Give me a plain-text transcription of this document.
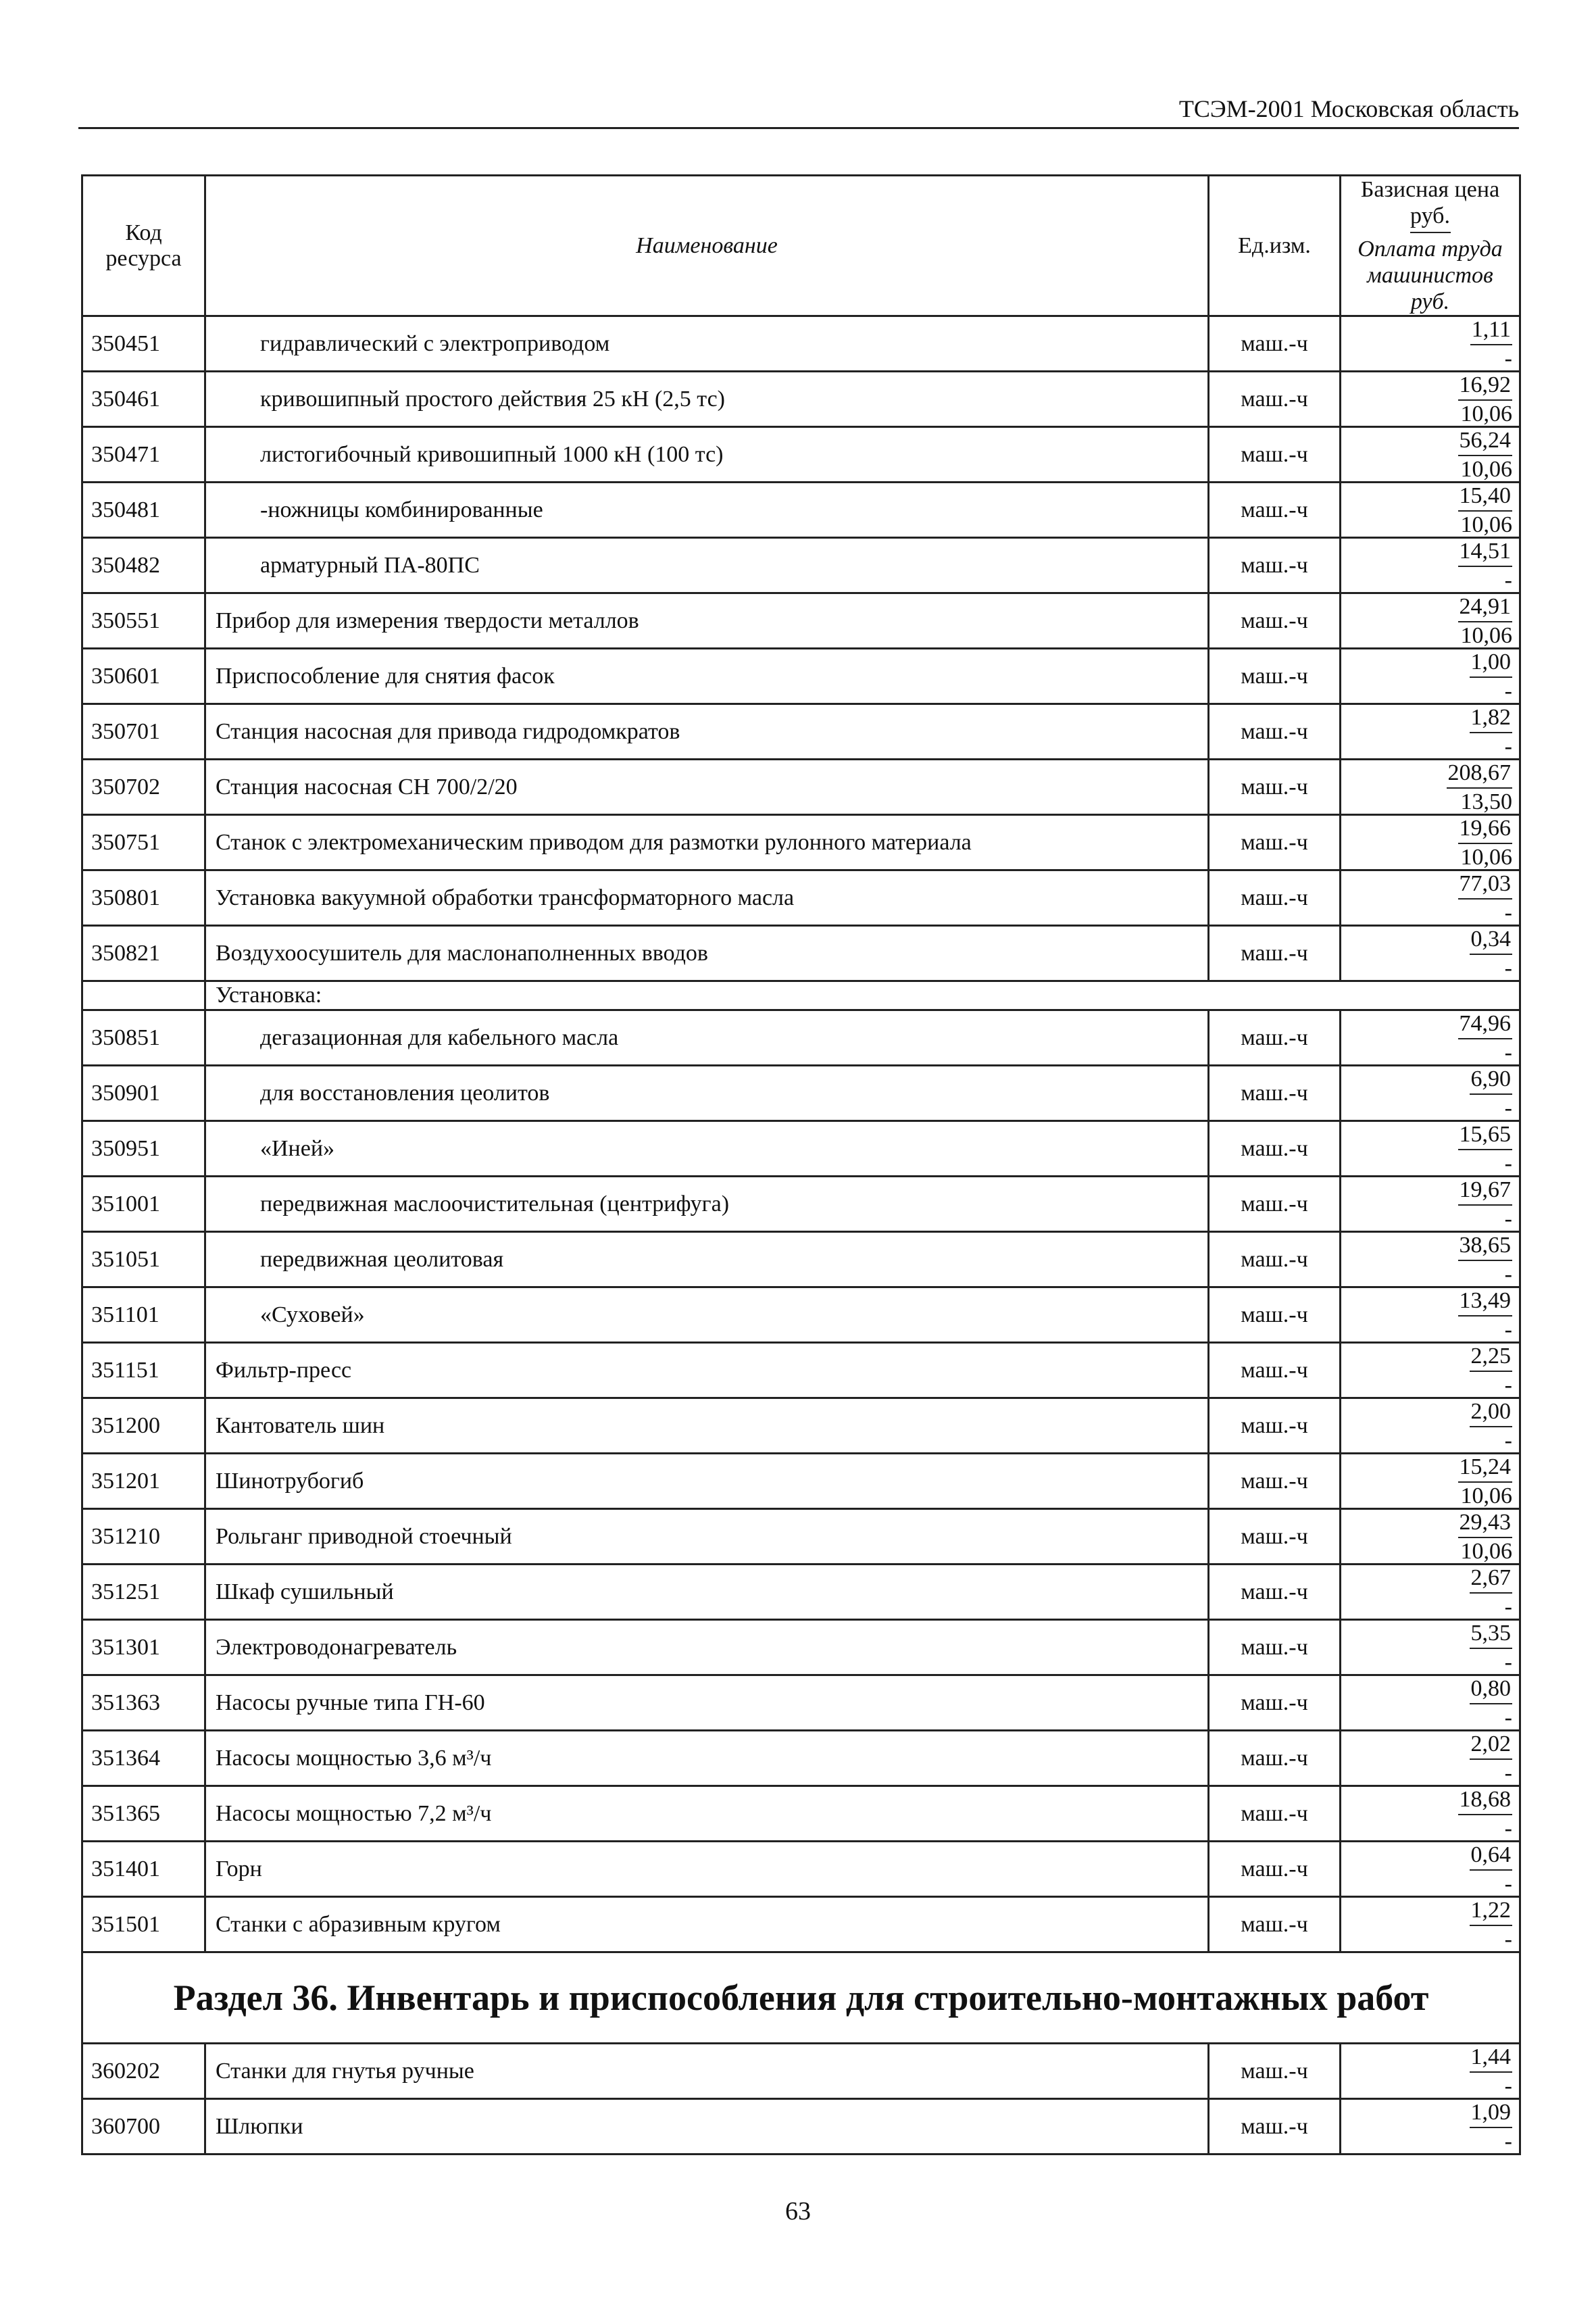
ТСЭМ-2001 Московская область
Код ресурса	Наименование	Ед.изм.	Базисная цена руб.
Оплата труда машинистов руб.
350451	гидравлический с электроприводом	маш.-ч	$\frac{1,11}{-}$

350461	кривошипный простого действия 25 кН (2,5 тс)	маш.-ч	$\frac{16,92}{10,06}$

350471	листогибочный кривошипный 1000 кН (100 тс)	маш.-ч	$\frac{56,24}{10,06}$

350481	-ножницы комбинированные	маш.-ч	$\frac{15,40}{10,06}$

350482	арматурный ПА-80ПС	маш.-ч	$\frac{14,51}{-}$

350551	Прибор для измерения твердости металлов	маш.-ч	$\frac{24,91}{10,06}$

350601	Приспособление для снятия фасок	маш.-ч	$\frac{1,00}{-}$

350701	Станция насосная для привода гидродомкратов	маш.-ч	$\frac{1,82}{-}$

350702	Станция насосная СН 700/2/20	маш.-ч	$\frac{208,67}{13,50}$

350751	Станок с электромеханическим приводом для размотки рулонного материала	маш.-ч	$\frac{19,66}{10,06}$

350801	Установка вакуумной обработки трансформаторного масла	маш.-ч	$\frac{77,03}{-}$

350821	Воздухоосушитель для маслонаполненных вводов	маш.-ч	$\frac{0,34}{-}$

	Установка:		
350851	дегазационная для кабельного масла	маш.-ч	$\frac{74,96}{-}$

350901	для восстановления цеолитов	маш.-ч	$\frac{6,90}{-}$

350951	«Иней»	маш.-ч	$\frac{15,65}{-}$

351001	передвижная маслоочистительная (центрифуга)	маш.-ч	$\frac{19,67}{-}$

351051	передвижная цеолитовая	маш.-ч	$\frac{38,65}{-}$

351101	«Суховей»	маш.-ч	$\frac{13,49}{-}$

351151	Фильтр-пресс	маш.-ч	$\frac{2,25}{-}$

351200	Кантователь шин	маш.-ч	$\frac{2,00}{-}$

351201	Шинотрубогиб	маш.-ч	$\frac{15,24}{10,06}$

351210	Рольганг приводной стоечный	маш.-ч	$\frac{29,43}{10,06}$

351251	Шкаф сушильный	маш.-ч	$\frac{2,67}{-}$

351301	Электроводонагреватель	маш.-ч	$\frac{5,35}{-}$

351363	Насосы ручные типа ГН-60	маш.-ч	$\frac{0,80}{-}$

351364	Насосы мощностью 3,6 м³/ч	маш.-ч	$\frac{2,02}{-}$

351365	Насосы мощностью 7,2 м³/ч	маш.-ч	$\frac{18,68}{-}$

351401	Горн	маш.-ч	$\frac{0,64}{-}$

351501	Станки с абразивным кругом	маш.-ч	$\frac{1,22}{-}$

Раздел 36. Инвентарь и приспособления для строительно-монтажных работ			
360202	Станки для гнутья ручные	маш.-ч	$\frac{1,44}{-}$

360700	Шлюпки	маш.-ч	$\frac{1,09}{-}$
63
